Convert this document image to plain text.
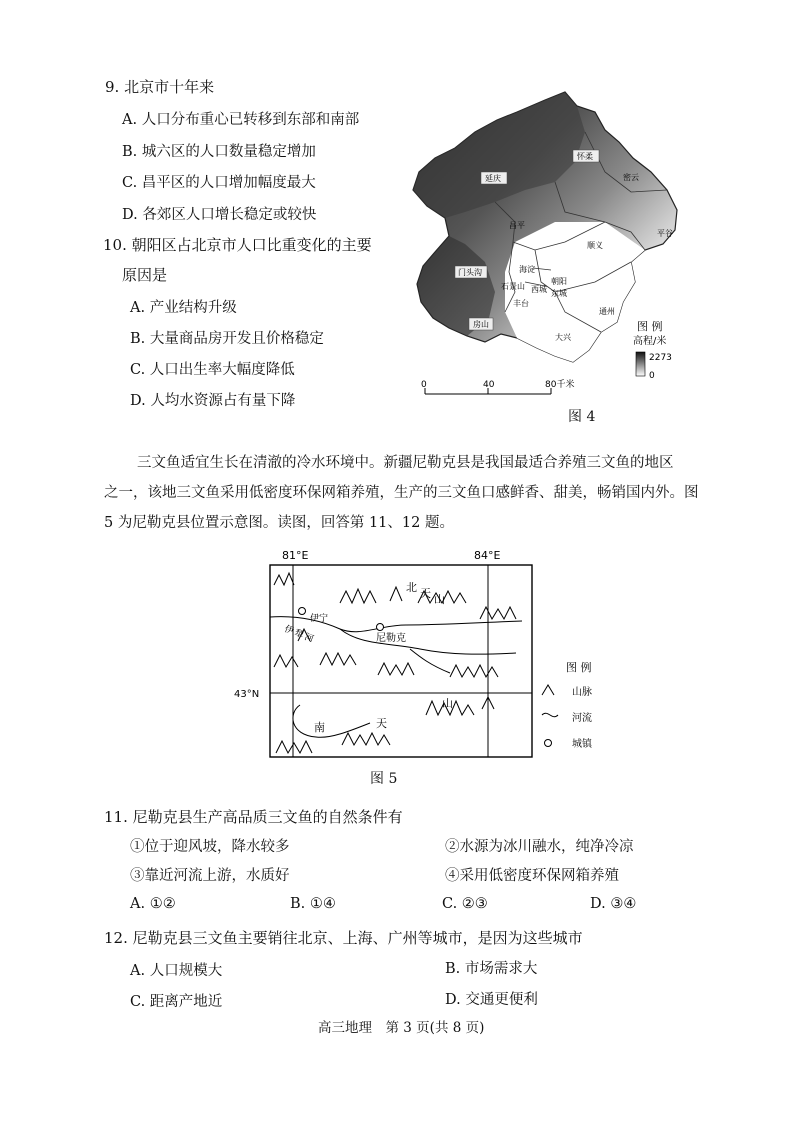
9. 北京市十年来
A. 人口分布重心已转移到东部和南部
B. 城六区的人口数量稳定增加
C. 昌平区的人口增加幅度最大
D. 各郊区人口增长稳定或较快
10. 朝阳区占北京市人口比重变化的主要
原因是
A. 产业结构升级
B. 大量商品房开发且价格稳定
C. 人口出生率大幅度降低
D. 人均水资源占有量下降
延庆
怀柔
密云
平谷
昌平
顺义
门头沟	海淀
朝阳
石景山 西城 东城
丰台
通州
房山
大兴
图 例
高程/米
2273
0
0	40	80千米
图 4
三文鱼适宜生长在清澈的冷水环境中。新疆尼勒克县是我国最适合养殖三文鱼的地区
之一，该地三文鱼采用低密度环保网箱养殖，生产的三文鱼口感鲜香、甜美，畅销国内外。图
5 为尼勒克县位置示意图。读图，回答第 11、12 题。
81°E	84°E
43°N
北 天 山
南	天
山
伊
犁
河
伊宁
尼勒克
图 例
山脉
河流
城镇
图 5
11. 尼勒克县生产高品质三文鱼的自然条件有
①位于迎风坡，降水较多	②水源为冰川融水，纯净冷凉
③靠近河流上游，水质好	④采用低密度环保网箱养殖
A. ①②	B. ①④	C. ②③	D. ③④
12. 尼勒克县三文鱼主要销往北京、上海、广州等城市，是因为这些城市
A. 人口规模大	B. 市场需求大
C. 距离产地近	D. 交通更便利
高三地理　第 3 页(共 8 页)
